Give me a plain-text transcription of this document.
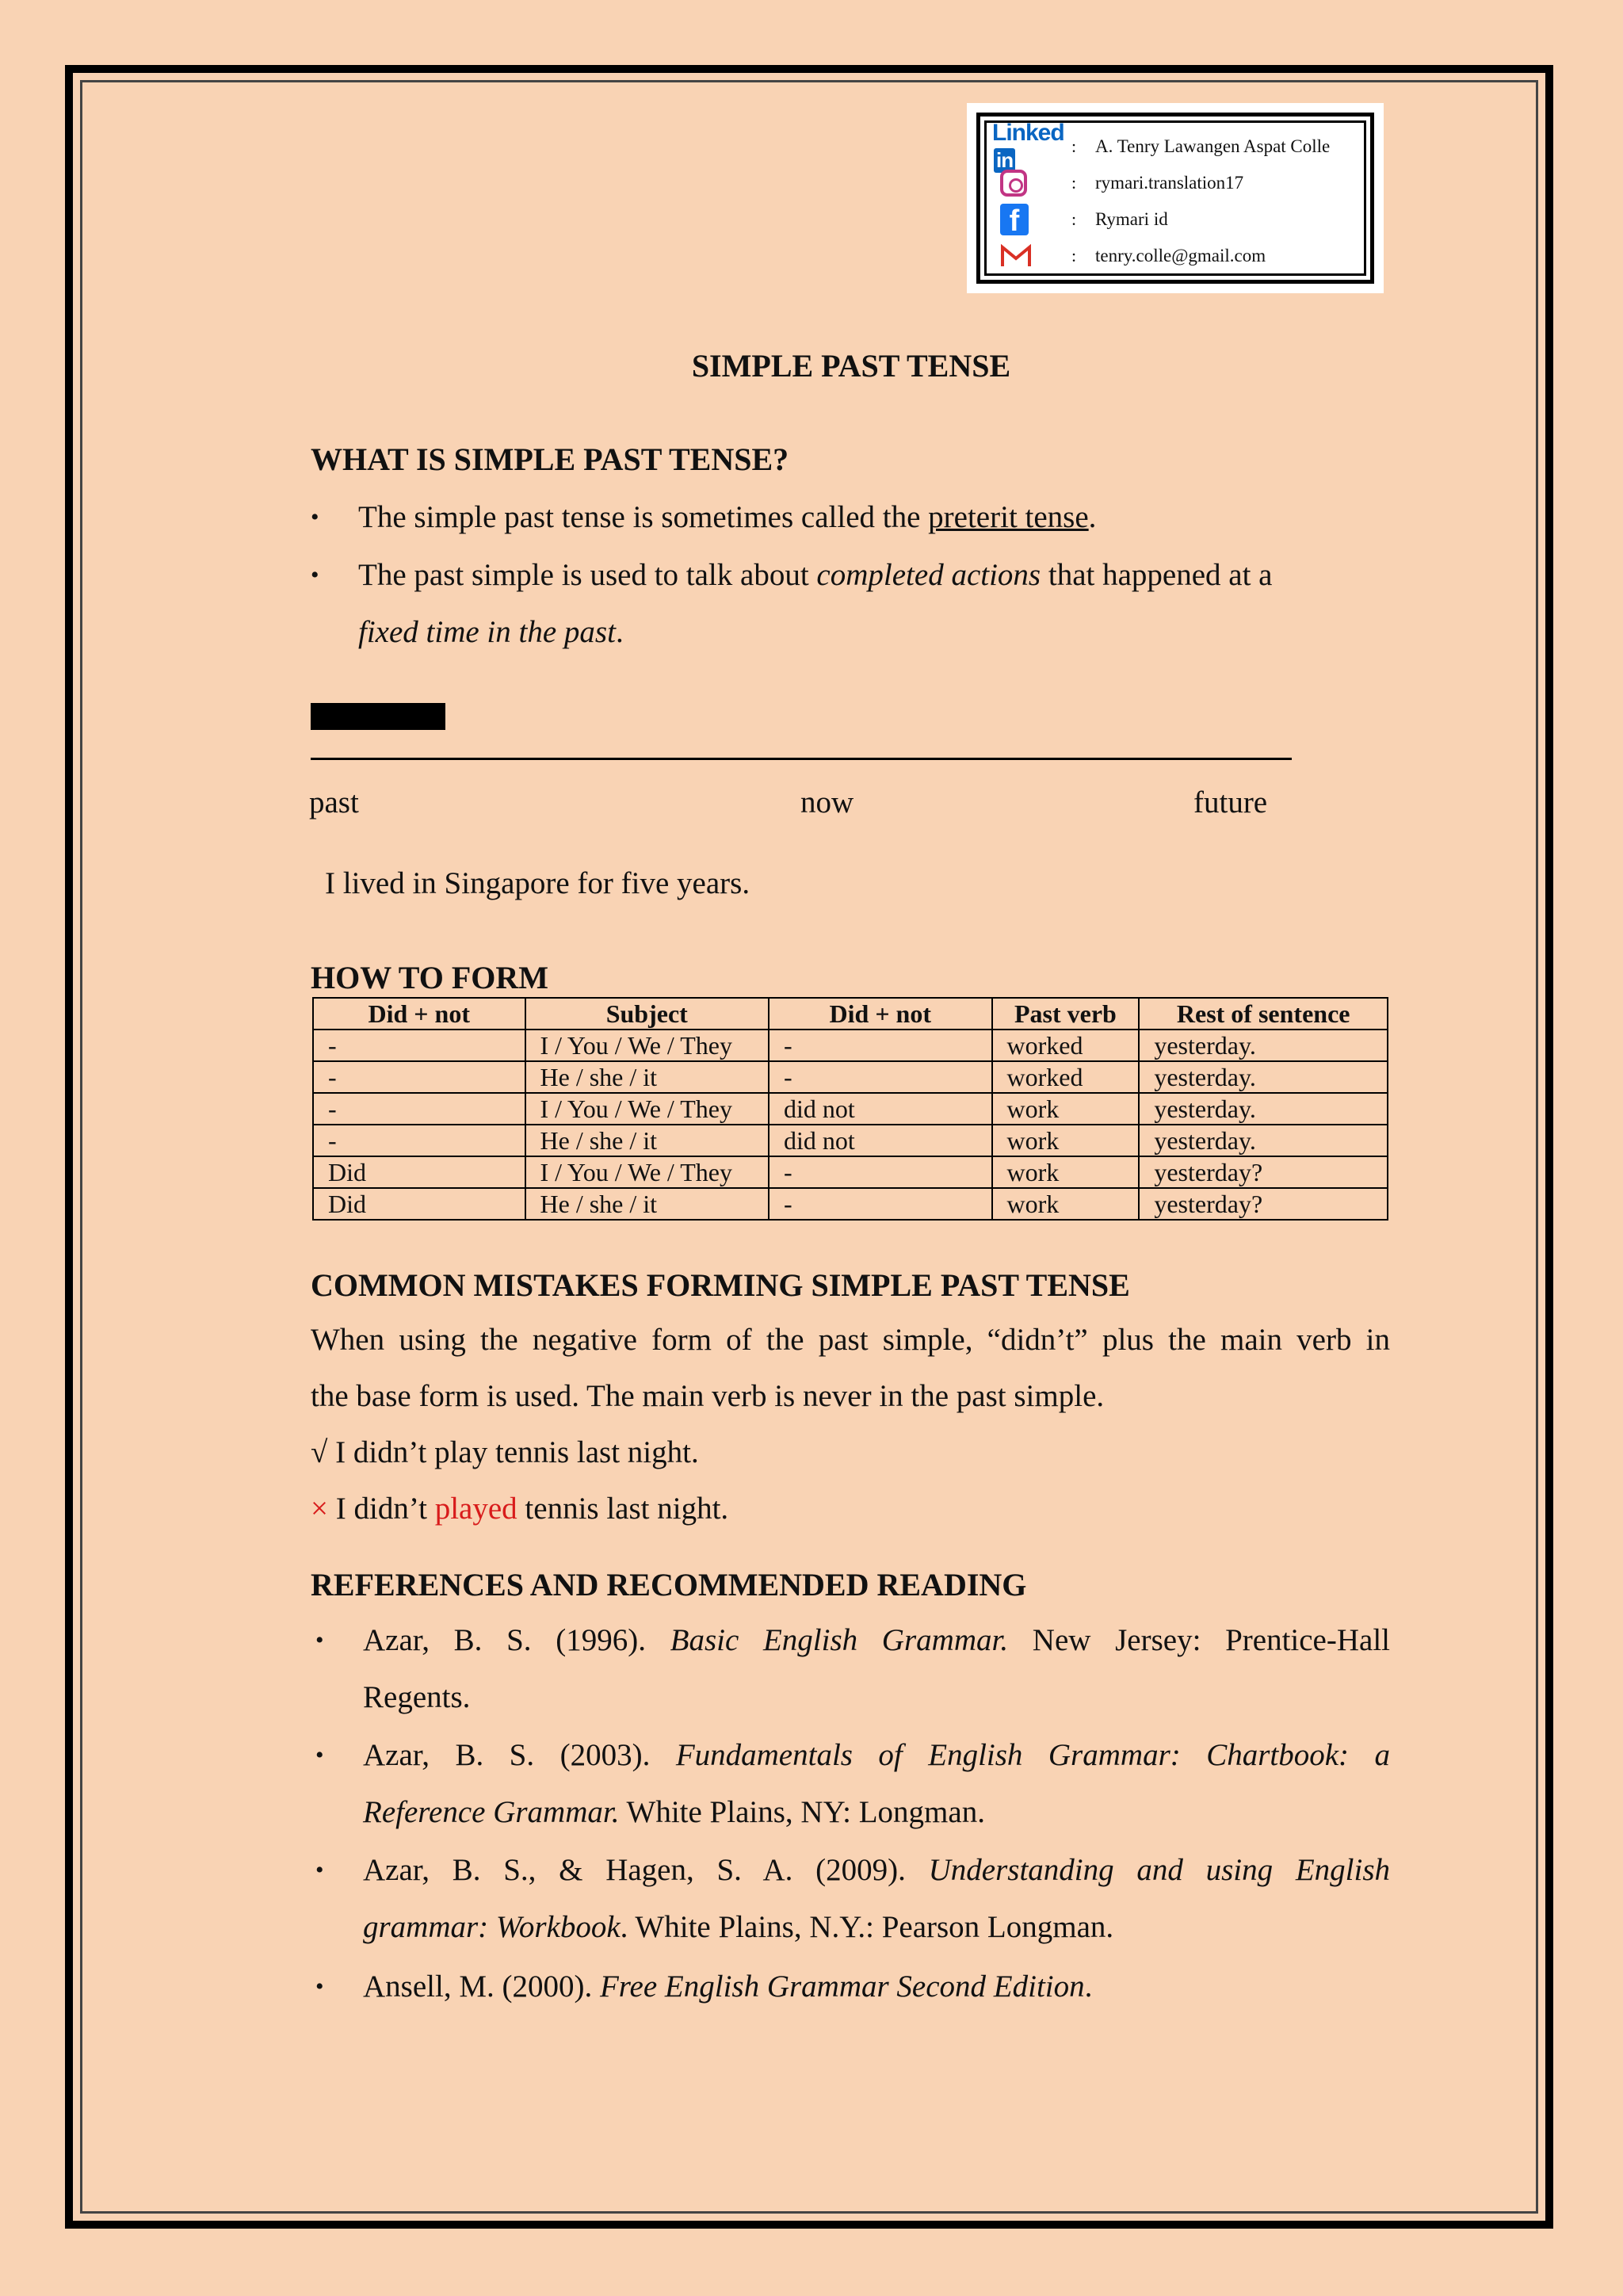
Linkedin
:	A. Tenry Lawangen Aspat Colle
:	rymari.translation17
f	:	Rymari id
:	tenry.colle@gmail.com
SIMPLE PAST TENSE
WHAT IS SIMPLE PAST TENSE?
• The simple past tense is sometimes called the preterit tense.
• The past simple is used to talk about completed actions that happened at a
fixed time in the past.
past	now	future
I lived in Singapore for five years.
HOW TO FORM
Did + not	Subject	Did + not	Past verb	Rest of sentence
-	I / You / We / They	-	worked	yesterday.
-	He / she / it	-	worked	yesterday.
-	I / You / We / They	did not	work	yesterday.
-	He / she / it	did not	work	yesterday.
Did	I / You / We / They	-	work	yesterday?
Did	He / she / it	-	work	yesterday?
COMMON MISTAKES FORMING SIMPLE PAST TENSE
When using the negative form of the past simple, “didn’t” plus the main verb in
the base form is used. The main verb is never in the past simple.
√ I didn’t play tennis last night.
× I didn’t played tennis last night.
REFERENCES AND RECOMMENDED READING
• Azar, B. S. (1996). Basic English Grammar. New Jersey: Prentice-Hall
Regents.
• Azar, B. S. (2003). Fundamentals of English Grammar: Chartbook: a
Reference Grammar. White Plains, NY: Longman.
• Azar, B. S., & Hagen, S. A. (2009). Understanding and using English
grammar: Workbook. White Plains, N.Y.: Pearson Longman.
• Ansell, M. (2000). Free English Grammar Second Edition.
